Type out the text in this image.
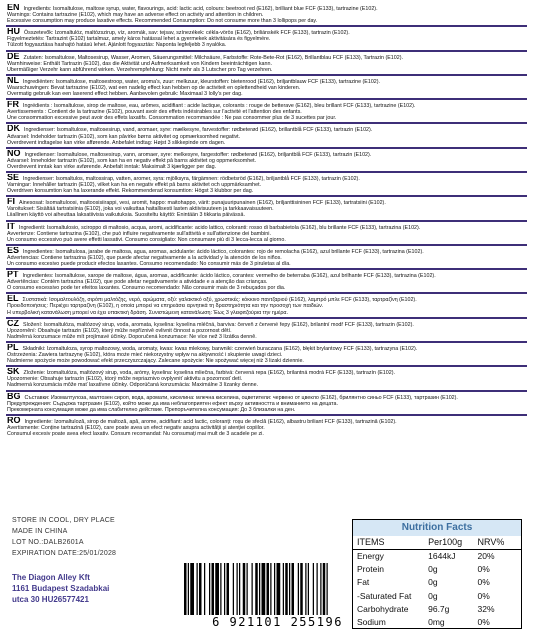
EN Ingredients: Isomaltulose, maltose syrup, water, flavourings, acid: lactic acid, colours: beetroot red (E162), brilliant blue FCF (E133), tartrazine (E102).
Warnings: Contains tartrazine (E102), which may have an adverse effect on activity and attention in children.
Excessive consumption may produce laxative effects. Recommended Consumption: Do not consume more than 3 lollipops per day.
HU Összetevők: Izomaltulóz, maltózszirup, víz, aromák, sav: tejsav, színezékek: cékla-vörös (E162), briliánskék FCF (E133), tartrazin (E102).
Figyelmeztetés: Tartrazint (E102) tartalmaz, amely káros hatással lehet a gyermekek aktivitására és figyelmére.
Túlzott fogyasztása hashajtó hatású lehet. Ajánlott fogyasztás: Naponta legfeljebb 3 nyalóka.
DE Zutaten: Isomaltulose, Maltosesirup, Wasser, Aromen, Säuerungsmittel: Milchsäure, Farbstoffe: Rote-Bete-Rot (E162), Brillantblau FCF (E133), Tartrazin (E102).
Warnhinweise: Enthält Tartrazin (E102), das die Aktivität und Aufmerksamkeit von Kindern beeinträchtigen kann.
Übermäßiger Verzehr kann abführend wirken. Verzehrempfehlung: Nicht mehr als 3 Lutscher pro Tag verzehren.
NL Ingrediënten: Isomaltulose, maltosestroop, water, aroma's, zuur: melkzuur, kleurstoffen: bietenrood (E162), briljantblauw FCF (E133), tartrazine (E102).
Waarschuwingen: Bevat tartrazine (E102), wat een nadelig effect kan hebben op de activiteit en oplettendheid van kinderen.
Overmatig gebruik kan een laxerend effect hebben. Aanbevolen gebruik: Maximaal 3 lolly's per dag.
FR Ingrédients : Isomaltulose, sirop de maltose, eau, arômes, acidifiant : acide lactique, colorants : rouge de betterave (E162), bleu brillant FCF (E133), tartrazine (E102).
Avertissements : Contient de la tartrazine (E102), pouvant avoir des effets indésirables sur l'activité et l'attention des enfants.
Une consommation excessive peut avoir des effets laxatifs. Consommation recommandée : Ne pas consommer plus de 3 sucettes par jour.
DK Ingredienser: Isomaltulose, maltosesirup, vand, aromaer, syre: mælkesyre, farvestoffer: rødbeterød (E162), brillantblå FCF (E133), tartrazin (E102).
Advarsel: Indeholder tartrazin (E102), som kan påvirke børns aktivitet og opmærksomhed negativt.
Overdrevent indtagelse kan virke afførende. Anbefalet indtag: Højst 3 slikkepinde om dagen.
NO Ingredienser: Isomaltulose, maltosesirup, vann, aromaer, syre: melkesyre, fargestoffer: rødbeterød (E162), briljantblå FCF (E133), tartrazin (E102).
Advarsel: Inneholder tartrazin (E102), som kan ha en negativ effekt på barns aktivitet og oppmerksomhet.
Overdrevent inntak kan virke avførende. Anbefalt inntak: Maksimalt 3 kjærligger per dag.
SE Ingredienser: Isomaltulos, maltossirap, vatten, aromer, syra: mjölksyra, färgämnen: rödbetsröd (E162), briljantblå FCF (E133), tartrazin (E102).
Varningar: Innehåller tartrazin (E102), vilket kan ha en negativ effekt på barns aktivitet och uppmärksamhet.
Överdriven konsumtion kan ha laxerande effekt. Rekommenderad konsumtion: Högst 3 klubbor per dag.
FI Ainesosat: Isomaltuloosi, maltoosisiirappi, vesi, aromit, happo: maitohappo, värit: punajuuripunainen (E162), briljanttisininen FCF (E133), tartratsiini (E102).
Varoitukset: Sisältää tartratsiinia (E102), joka voi vaikuttaa haitallisesti lasten aktiivisuuteen ja tarkkaavaisuuteen.
Liiallinen käyttö voi aiheuttaa laksatiivisia vaikutuksia. Suositeltu käyttö: Enintään 3 tikkaria päivässä.
IT Ingredienti: Isomaltulosio, sciroppo di maltosio, acqua, aromi, acidificante: acido lattico, coloranti: rosso di barbabietola (E162), blu brillante FCF (E133), tartrazina (E102).
Avvertenze: Contiene tartrazina (E102), che può influire negativamente sull'attività e sull'attenzione dei bambini.
Un consumo eccessivo può avere effetti lassativi. Consumo consigliato: Non consumare più di 3 lecca-lecca al giorno.
ES Ingredientes: Isomaltulosa, jarabe de maltosa, agua, aromas, acidulante: ácido láctico, colorantes: rojo de remolacha (E162), azul brillante FCF (E133), tartrazina (E102).
Advertencias: Contiene tartrazina (E102), que puede afectar negativamente a la actividad y la atención de los niños.
Un consumo excesivo puede producir efectos laxantes. Consumo recomendado: No consumir más de 3 piruletas al día.
PT Ingredientes: Isomaltulose, xarope de maltose, água, aromas, acidificante: ácido láctico, corantes: vermelho de beterraba (E162), azul brilhante FCF (E133), tartrazina (E102).
Advertências: Contém tartrazina (E102), que pode afetar negativamente a atividade e a atenção das crianças.
O consumo excessivo pode ter efeitos laxantes. Consumo recomendado: Não consumir mais de 3 rebuçados por dia.
EL Συστατικά: Ισομαλτουλόζη, σιρόπι μαλτόζης, νερό, αρώματα, οξύ: γαλακτικό οξύ, χρωστικές: κόκκινο παντζαριού (E162), λαμπρό μπλε FCF (E133), ταρτραζίνη (E102).
Προειδοποιήσεις: Περιέχει ταρτραζίνη (E102), η οποία μπορεί να επηρεάσει αρνητικά τη δραστηριότητα και την προσοχή των παιδιών.
Η υπερβολική κατανάλωση μπορεί να έχει υπακτική δράση. Συνιστώμενη κατανάλωση: Έως 3 γλειφιτζούρια την ημέρα.
CZ Složení: Isomaltulóza, maltózový sirup, voda, aromata, kyselina: kyselina mléčná, barviva: červeň z červené řepy (E162), brilantní modř FCF (E133), tartrazin (E102).
Upozornění: Obsahuje tartrazin (E102), který může nepříznivě ovlivnit činnost a pozornost dětí.
Nadměrná konzumace může mít projímavé účinky. Doporučená konzumace: Ne více než 3 lízátka denně.
PL Składniki: Izomaltuloza, syrop maltozowy, woda, aromaty, kwas: kwas mlekowy, barwniki: czerwień buraczana (E162), błękit brylantowy FCF (E133), tartrazyna (E102).
Ostrzeżenia: Zawiera tartrazynę (E102), która może mieć niekorzystny wpływ na aktywność i skupienie uwagi dzieci.
Nadmierne spożycie może powodować efekt przeczyszczający. Zalecane spożycie: Nie spożywać więcej niż 3 lizaki dziennie.
SK Zloženie: Izomaltulóza, maltózový sirup, voda, arómy, kyselina: kyselina mliečna, farbivá: červená repa (E162), brilantná modrá FCF (E133), tartrazín (E102).
Upozornenie: Obsahuje tartrazín (E102), ktorý môže nepriaznivo ovplyvniť aktivitu a pozornosť detí.
Nadmerná konzumácia môže mať laxatívne účinky. Odporúčaná konzumácia: Maximálne 3 lízanky denne.
BG Съставки: Изомалтулоза, малтозен сироп, вода, аромати, киселина: млечна киселина, оцветители: червено от цвекло (E162), брилянтно синьо FCF (E133), тартразин (E102).
Предупреждения: Съдържа тартразин (E102), който може да има неблагоприятен ефект върху активността и вниманието на децата.
Прекомерната консумация може да има слабително действие. Препоръчителна консумация: До 3 близалки на ден.
RO Ingrediente: Izomaltuloză, sirop de maltoză, apă, arome, acidifiant: acid lactic, coloranți: roșu de sfeclă (E162), albastru briliant FCF (E133), tartrazină (E102).
Avertismente: Conține tartrazină (E102), care poate avea un efect negativ asupra activității și atenției copiilor.
Consumul excesiv poate avea efect laxativ. Consum recomandat: Nu consumați mai mult de 3 acadele pe zi.
STORE IN COOL, DRY PLACE
MADE IN CHINA
LOT NO.:DALB2601A
EXPIRATION DATE:25/01/2028
The Diagon Alley Kft
1161 Budapest Szadabkai
utca 30 HU26577421
6 921101 255196
Nutrition Facts
ITEMS	Per100g	NRV%
Energy	1644kJ	20%
Protein	0g	0%
Fat	0g	0%
-Saturated Fat	0g	0%
Carbohydrate	96.7g	32%
Sodium	0mg	0%
